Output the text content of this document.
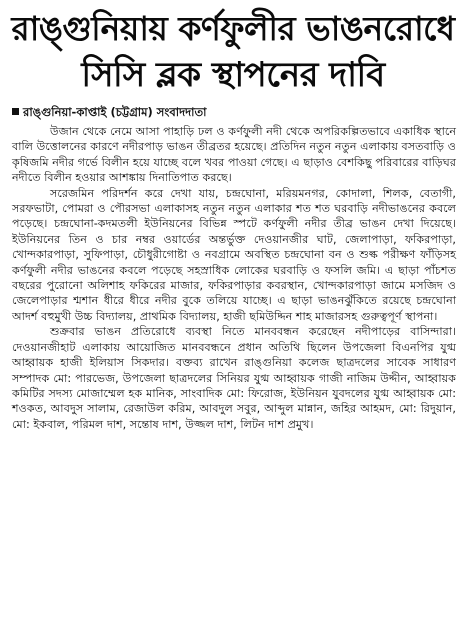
রাঙ্গুনিয়ায় কর্ণফুলীর ভাঙনরোধে
সিসি ব্লক স্থাপনের দাবি
রাঙ্গুনিয়া-কাপ্তাই (চট্টগ্রাম) সংবাদদাতা

উজান থেকে নেমে আসা পাহাড়ি ঢল ও কর্ণফুলী নদী থেকে অপরিকল্পিতভাবে একাধিক স্থানে বালি উত্তোলনের কারণে নদীরপাড় ভাঙন তীব্রতর হয়েছে। প্রতিদিন নতুন নতুন এলাকায় বসতবাড়ি ও কৃষিজমি নদীর গর্ভে বিলীন হয়ে যাচ্ছে বলে খবর পাওয়া গেছে। এ ছাড়াও বেশকিছু পরিবারের বাড়িঘর নদীতে বিলীন হওয়ার আশঙ্কায় দিনাতিপাত করছে।

সরেজমিন পরিদর্শন করে দেখা যায়, চন্দ্রঘোনা, মরিয়মনগর, কোদালা, শিলক, বেতাগী, সরফভাটা, পোমরা ও পৌরসভা এলাকাসহ নতুন নতুন এলাকার শত শত ঘরবাড়ি নদীভাঙনের কবলে পড়েছে। চন্দ্রঘোনা-কদমতলী ইউনিয়নের বিভিন্ন স্পটে কর্ণফুলী নদীর তীব্র ভাঙন দেখা দিয়েছে। ইউনিয়নের তিন ও চার নম্বর ওয়ার্ডের অন্তর্ভুক্ত দেওয়ানজীর ঘাট, জেলাপাড়া, ফকিরপাড়া, খোন্দকারপাড়া, সুফিপাড়া, চৌধুরীগোষ্টা ও নবগ্রামে অবস্থিত চন্দ্রঘোনা বন ও শুল্ক পরীক্ষণ ফাঁড়িসহ কর্ণফুলী নদীর ভাঙনের কবলে পড়েছে সহস্রাধিক লোকের ঘরবাড়ি ও ফসলি জমি। এ ছাড়া পাঁচশত বছরের পুরোনো অলিশাহ ফকিরের মাজার, ফকিরপাড়ার কবরস্থান, খোন্দকারপাড়া জামে মসজিদ ও জেলেপাড়ার শ্মশান ধীরে ধীরে নদীর বুকে তলিয়ে যাচ্ছে। এ ছাড়া ভাঙনঝুঁকিতে রয়েছে চন্দ্রঘোনা আদর্শ বহুমুখী উচ্চ বিদ্যালয়, প্রাথমিক বিদ্যালয়, হাজী ছমিউদ্দিন শাহ মাজারসহ গুরুত্বপূর্ণ স্থাপনা।

শুক্রবার ভাঙন প্রতিরোধে ব্যবস্থা নিতে মানববন্ধন করেছেন নদীপাড়ের বাসিন্দারা। দেওয়ানজীহাট এলাকায় আয়োজিত মানববন্ধনে প্রধান অতিথি ছিলেন উপজেলা বিএনপির যুগ্ম আহ্বায়ক হাজী ইলিয়াস সিকদার। বক্তব্য রাখেন রাঙ্গুনিয়া কলেজ ছাত্রদলের সাবেক সাধারণ সম্পাদক মো: পারভেজ, উপজেলা ছাত্রদলের সিনিয়র যুগ্ম আহ্বায়ক গাজী নাজিম উদ্দীন, আহ্বায়ক কমিটির সদস্য মোজাম্মেল হক মানিক, সাংবাদিক মো: ফিরোজ, ইউনিয়ন যুবদলের যুগ্ম আহ্বায়ক মো: শওকত, আবদুস সালাম, রেজাউল করিম, আবদুল সবুর, আব্দুল মান্নান, জহির আহমদ, মো: রিদুয়ান, মো: ইকবাল, পরিমল দাশ, সন্তোষ দাশ, উজ্জল দাশ, লিটন দাশ প্রমুখ।
